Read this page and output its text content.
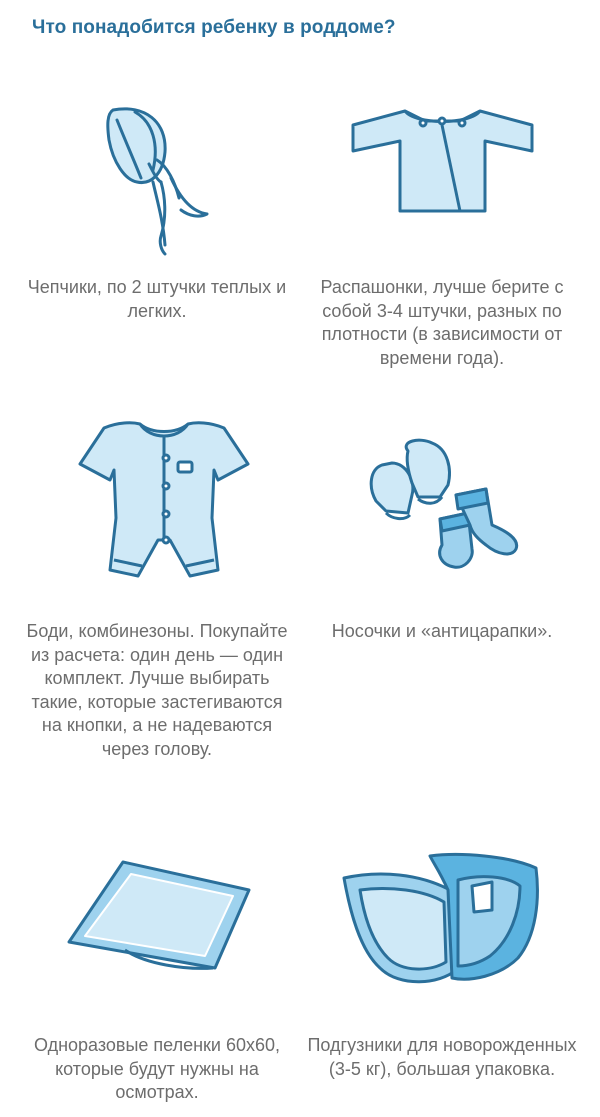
Что понадобится ребенку в роддоме?
Чепчики, по 2 штучки теплых и легких.
Распашонки, лучше берите с собой 3-4 штучки, разных по плотности (в зависимости от времени года).
Боди, комбинезоны. Покупайте из расчета: один день — один комплект. Лучше выбирать такие, которые застегиваются на кнопки, а не надеваются через голову.
Носочки и «антицарапки».
Одноразовые пеленки 60х60, которые будут нужны на осмотрах.
Подгузники для новорожденных (3-5 кг), большая упаковка.
